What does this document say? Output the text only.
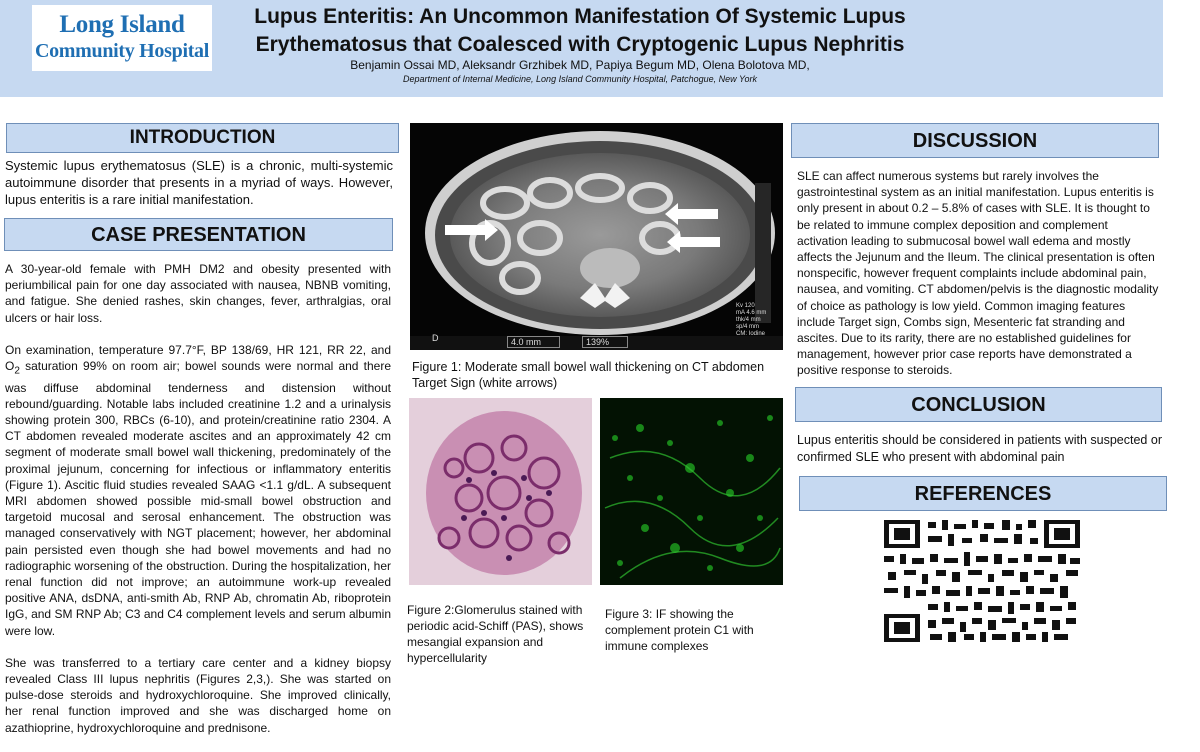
Long Island
Community Hospital
Lupus Enteritis: An Uncommon Manifestation Of Systemic Lupus
Erythematosus that Coalesced with Cryptogenic Lupus Nephritis
Benjamin Ossai MD, Aleksandr Grzhibek MD, Papiya Begum MD, Olena Bolotova MD,
Department of Internal Medicine, Long Island Community Hospital, Patchogue, New York
INTRODUCTION
Systemic lupus erythematosus (SLE) is a chronic, multi-systemic autoimmune disorder that presents in a myriad of ways. However, lupus enteritis is a rare initial manifestation.
CASE PRESENTATION

A 30-year-old female with PMH DM2 and obesity presented with periumbilical pain for one day associated with nausea, NBNB vomiting, and fatigue. She denied rashes, skin changes, fever, arthralgias, oral ulcers or hair loss.

On examination, temperature 97.7°F, BP 138/69, HR 121, RR 22, and $O_2$ saturation 99% on room air; bowel sounds were normal and there was diffuse abdominal tenderness and distension without rebound/guarding. Notable labs included creatinine 1.2 and a urinalysis showing protein 300, RBCs (6-10), and protein/creatinine ratio 2304. A CT abdomen revealed moderate ascites and an approximately 42 cm segment of moderate small bowel wall thickening, predominately of the proximal jejunum, concerning for infectious or inflammatory enteritis (Figure 1). Ascitic fluid studies revealed SAAG <1.1 g/dL. A subsequent MRI abdomen showed possible mid-small bowel obstruction and targetoid mucosal and serosal enhancement. The obstruction was managed conservatively with NGT placement; however, her abdominal pain persisted even though she had bowel movements and had no radiographic worsening of the obstruction. During the hospitalization, her renal function did not improve; an autoimmune work-up revealed positive ANA, dsDNA, anti-smith Ab, RNP Ab, chromatin Ab, riboprotein IgG, and SM RNP Ab; C3 and C4 complement levels and serum albumin were low.

She was transferred to a tertiary care center and a kidney biopsy revealed Class III lupus nephritis (Figures 2,3,). She was started on pulse-dose steroids and hydroxychloroquine. She improved clinically, her renal function improved and she was discharged home on azathioprine, hydroxychloroquine and prednisone.

D	4.0 mm	139%
Kv 120
mA 4.6 mm
thk/4 mm
sp/4 mm
CM: Iodine
Figure 1: Moderate small bowel wall thickening on CT abdomen Target Sign (white arrows)
Figure 2:Glomerulus stained with periodic acid-Schiff (PAS), shows mesangial expansion and hypercellularity
Figure 3: IF showing the complement protein C1 with immune complexes
DISCUSSION
SLE can affect numerous systems but rarely involves the gastrointestinal system as an initial manifestation. Lupus enteritis is only present in about 0.2 – 5.8% of cases with SLE. It is thought to be related to immune complex deposition and complement activation leading to submucosal bowel wall edema and mostly affects the Jejunum and the Ileum. The clinical presentation is often nonspecific, however frequent complaints include abdominal pain, nausea, and vomiting. CT abdomen/pelvis is the diagnostic modality of choice as pathology is low yield. Common imaging features include Target sign, Combs sign, Mesenteric fat stranding and ascites. Due to its rarity, there are no established guidelines for management, however prior case reports have demonstrated a positive response to steroids.
CONCLUSION
Lupus enteritis should be considered in patients with suspected or confirmed SLE who present with abdominal pain
REFERENCES
